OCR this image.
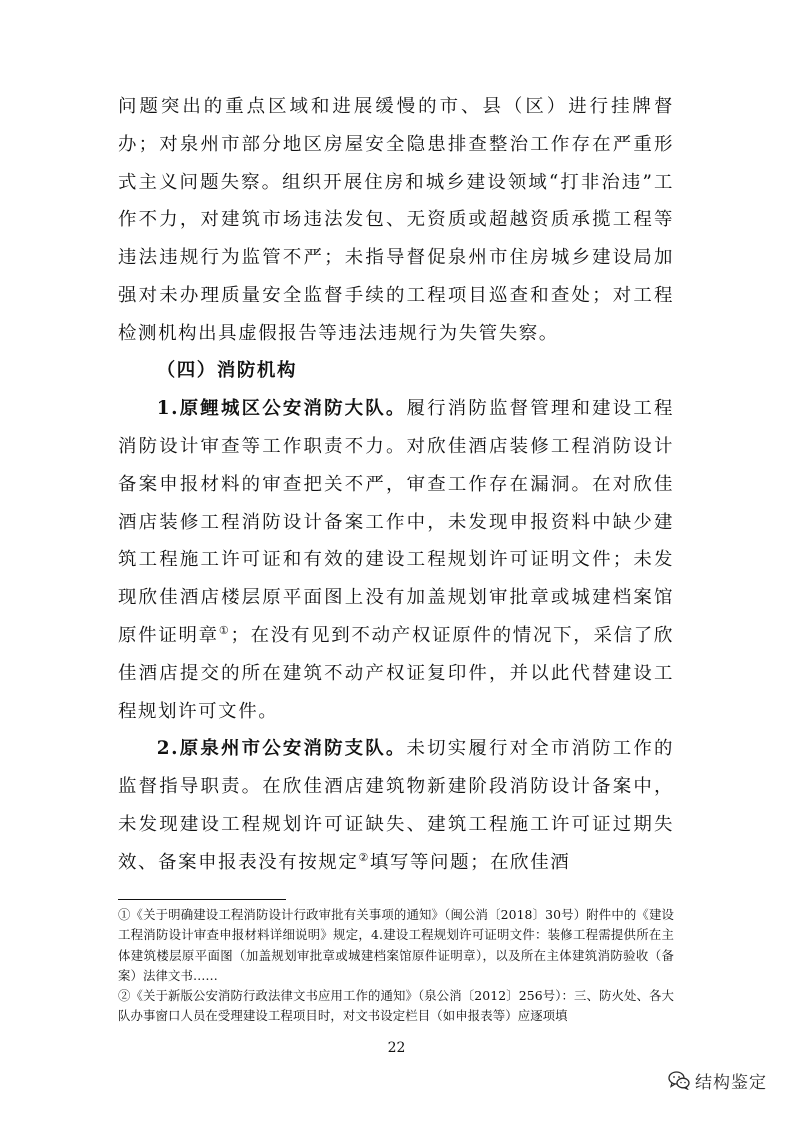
问题突出的重点区域和进展缓慢的市、县（区）进行挂牌督办；对泉州市部分地区房屋安全隐患排查整治工作存在严重形式主义问题失察。组织开展住房和城乡建设领域“打非治违”工作不力，对建筑市场违法发包、无资质或超越资质承揽工程等违法违规行为监管不严；未指导督促泉州市住房城乡建设局加强对未办理质量安全监督手续的工程项目巡查和查处；对工程检测机构出具虚假报告等违法违规行为失管失察。

（四）消防机构

1.原鲤城区公安消防大队。履行消防监督管理和建设工程消防设计审查等工作职责不力。对欣佳酒店装修工程消防设计备案申报材料的审查把关不严，审查工作存在漏洞。在对欣佳酒店装修工程消防设计备案工作中，未发现申报资料中缺少建筑工程施工许可证和有效的建设工程规划许可证明文件；未发现欣佳酒店楼层原平面图上没有加盖规划审批章或城建档案馆原件证明章①；在没有见到不动产权证原件的情况下，采信了欣佳酒店提交的所在建筑不动产权证复印件，并以此代替建设工程规划许可文件。

2.原泉州市公安消防支队。未切实履行对全市消防工作的监督指导职责。在欣佳酒店建筑物新建阶段消防设计备案中，未发现建设工程规划许可证缺失、建筑工程施工许可证过期失效、备案申报表没有按规定②填写等问题；在欣佳酒

①《关于明确建设工程消防设计行政审批有关事项的通知》（闽公消〔2018〕30号）附件中的《建设工程消防设计审查申报材料详细说明》规定，4.建设工程规划许可证明文件：装修工程需提供所在主体建筑楼层原平面图（加盖规划审批章或城建档案馆原件证明章），以及所在主体建筑消防验收（备案）法律文书……

②《关于新版公安消防行政法律文书应用工作的通知》（泉公消〔2012〕256号）：三、防火处、各大队办事窗口人员在受理建设工程项目时，对文书设定栏目（如申报表等）应逐项填

22
结构鉴定
